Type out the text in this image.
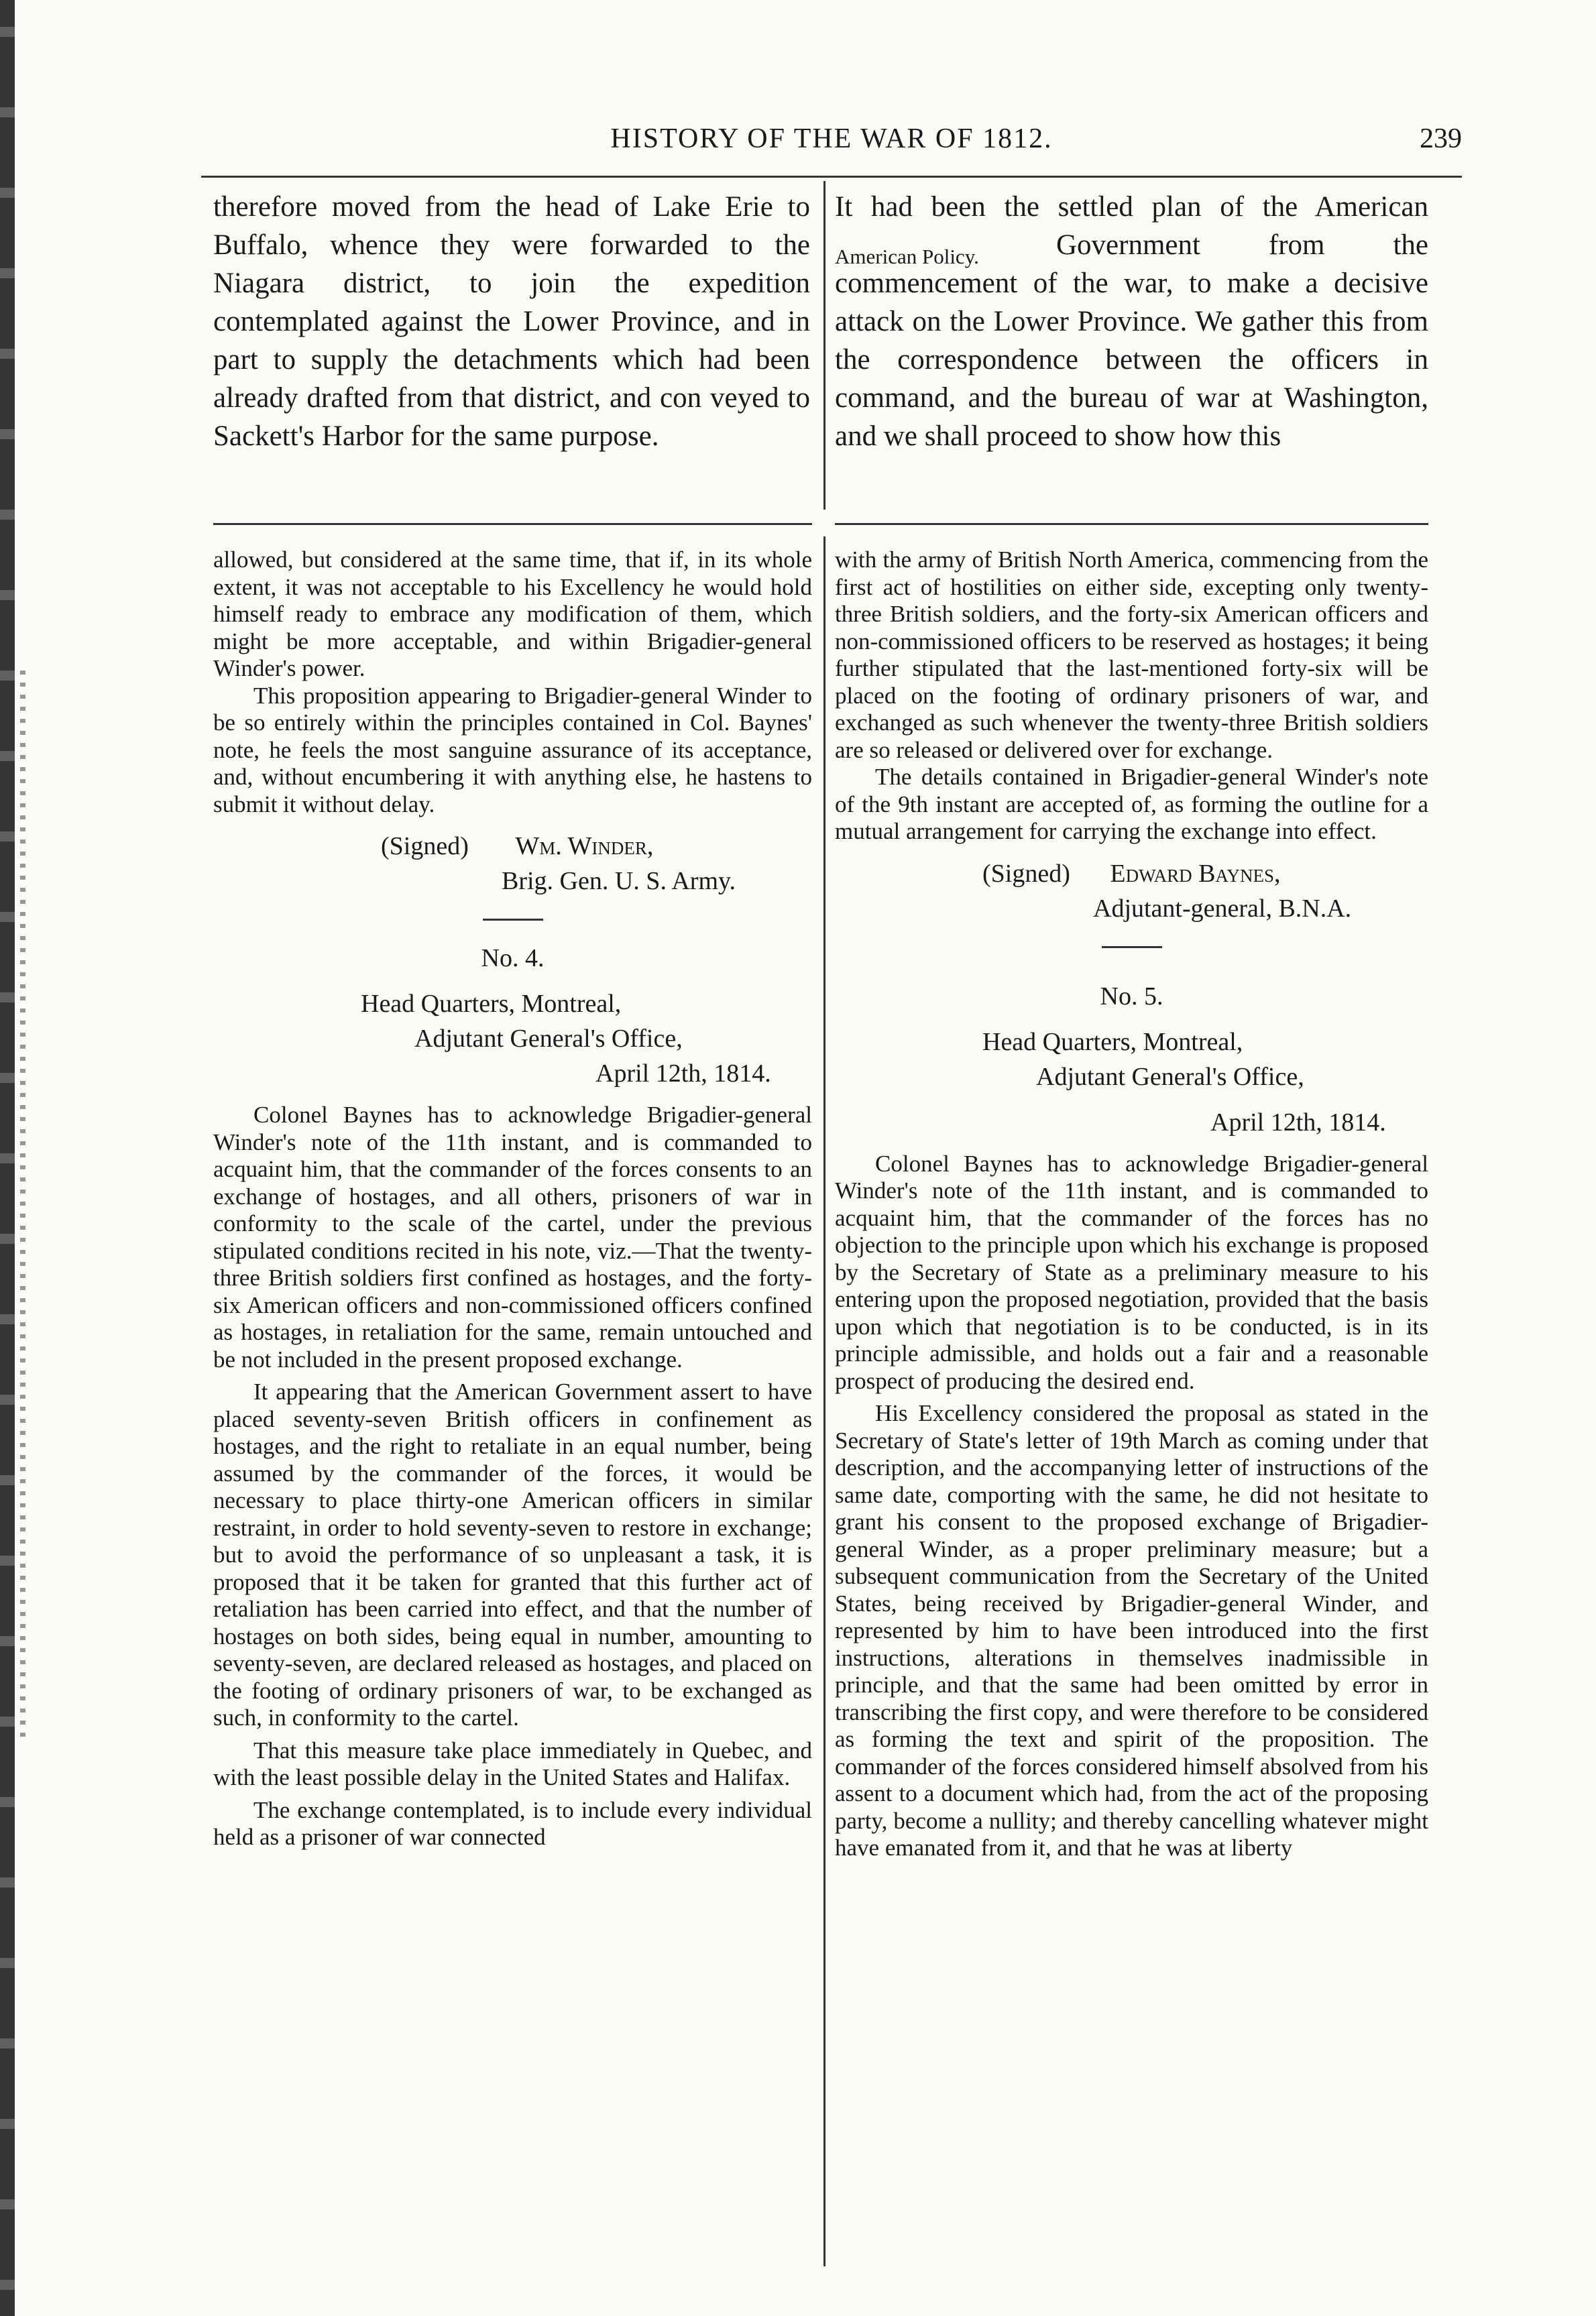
HISTORY OF THE WAR OF 1812.	239

therefore moved from the head of Lake Erie to Buffalo, whence they were forwarded to the Niagara district, to join the expedition contemplated against the Lower Province, and in part to supply the detachments which had been already drafted from that district, and con veyed to Sackett's Harbor for the same purpose.

American Policy.

It had been the settled plan of the American Government from the commencement of the war, to make a decisive attack on the Lower Province. We gather this from the correspondence between the officers in command, and the bureau of war at Washington, and we shall proceed to show how this

allowed, but considered at the same time, that if, in its whole extent, it was not acceptable to his Excellency he would hold himself ready to embrace any modification of them, which might be more acceptable, and within Brigadier-general Winder's power.

This proposition appearing to Brigadier-general Winder to be so entirely within the principles contained in Col. Baynes' note, he feels the most sanguine assurance of its acceptance, and, without encumbering it with anything else, he hastens to submit it without delay.

(Signed) Wm. Winder,
Brig. Gen. U. S. Army.
No. 4.
Head Quarters, Montreal,
Adjutant General's Office,
April 12th, 1814.

Colonel Baynes has to acknowledge Brigadier-general Winder's note of the 11th instant, and is commanded to acquaint him, that the commander of the forces consents to an exchange of hostages, and all others, prisoners of war in conformity to the scale of the cartel, under the previous stipulated conditions recited in his note, viz.—That the twenty-three British soldiers first confined as hostages, and the forty-six American officers and non-commissioned officers confined as hostages, in retaliation for the same, remain untouched and be not included in the present proposed exchange.

It appearing that the American Government assert to have placed seventy-seven British officers in confinement as hostages, and the right to retaliate in an equal number, being assumed by the commander of the forces, it would be necessary to place thirty-one American officers in similar restraint, in order to hold seventy-seven to restore in exchange; but to avoid the performance of so unpleasant a task, it is proposed that it be taken for granted that this further act of retaliation has been carried into effect, and that the number of hostages on both sides, being equal in number, amounting to seventy-seven, are declared released as hostages, and placed on the footing of ordinary prisoners of war, to be exchanged as such, in conformity to the cartel.

That this measure take place immediately in Quebec, and with the least possible delay in the United States and Halifax.

The exchange contemplated, is to include every individual held as a prisoner of war connected

with the army of British North America, commencing from the first act of hostilities on either side, excepting only twenty-three British soldiers, and the forty-six American officers and non-commissioned officers to be reserved as hostages; it being further stipulated that the last-mentioned forty-six will be placed on the footing of ordinary prisoners of war, and exchanged as such whenever the twenty-three British soldiers are so released or delivered over for exchange.

The details contained in Brigadier-general Winder's note of the 9th instant are accepted of, as forming the outline for a mutual arrangement for carrying the exchange into effect.

(Signed) Edward Baynes,
Adjutant-general, B.N.A.
No. 5.
Head Quarters, Montreal,
Adjutant General's Office,
April 12th, 1814.

Colonel Baynes has to acknowledge Brigadier-general Winder's note of the 11th instant, and is commanded to acquaint him, that the commander of the forces has no objection to the principle upon which his exchange is proposed by the Secretary of State as a preliminary measure to his entering upon the proposed negotiation, provided that the basis upon which that negotiation is to be conducted, is in its principle admissible, and holds out a fair and a reasonable prospect of producing the desired end.

His Excellency considered the proposal as stated in the Secretary of State's letter of 19th March as coming under that description, and the accompanying letter of instructions of the same date, comporting with the same, he did not hesitate to grant his consent to the proposed exchange of Brigadier-general Winder, as a proper preliminary measure; but a subsequent communication from the Secretary of the United States, being received by Brigadier-general Winder, and represented by him to have been introduced into the first instructions, alterations in themselves inadmissible in principle, and that the same had been omitted by error in transcribing the first copy, and were therefore to be considered as forming the text and spirit of the proposition. The commander of the forces considered himself absolved from his assent to a document which had, from the act of the proposing party, become a nullity; and thereby cancelling whatever might have emanated from it, and that he was at liberty
